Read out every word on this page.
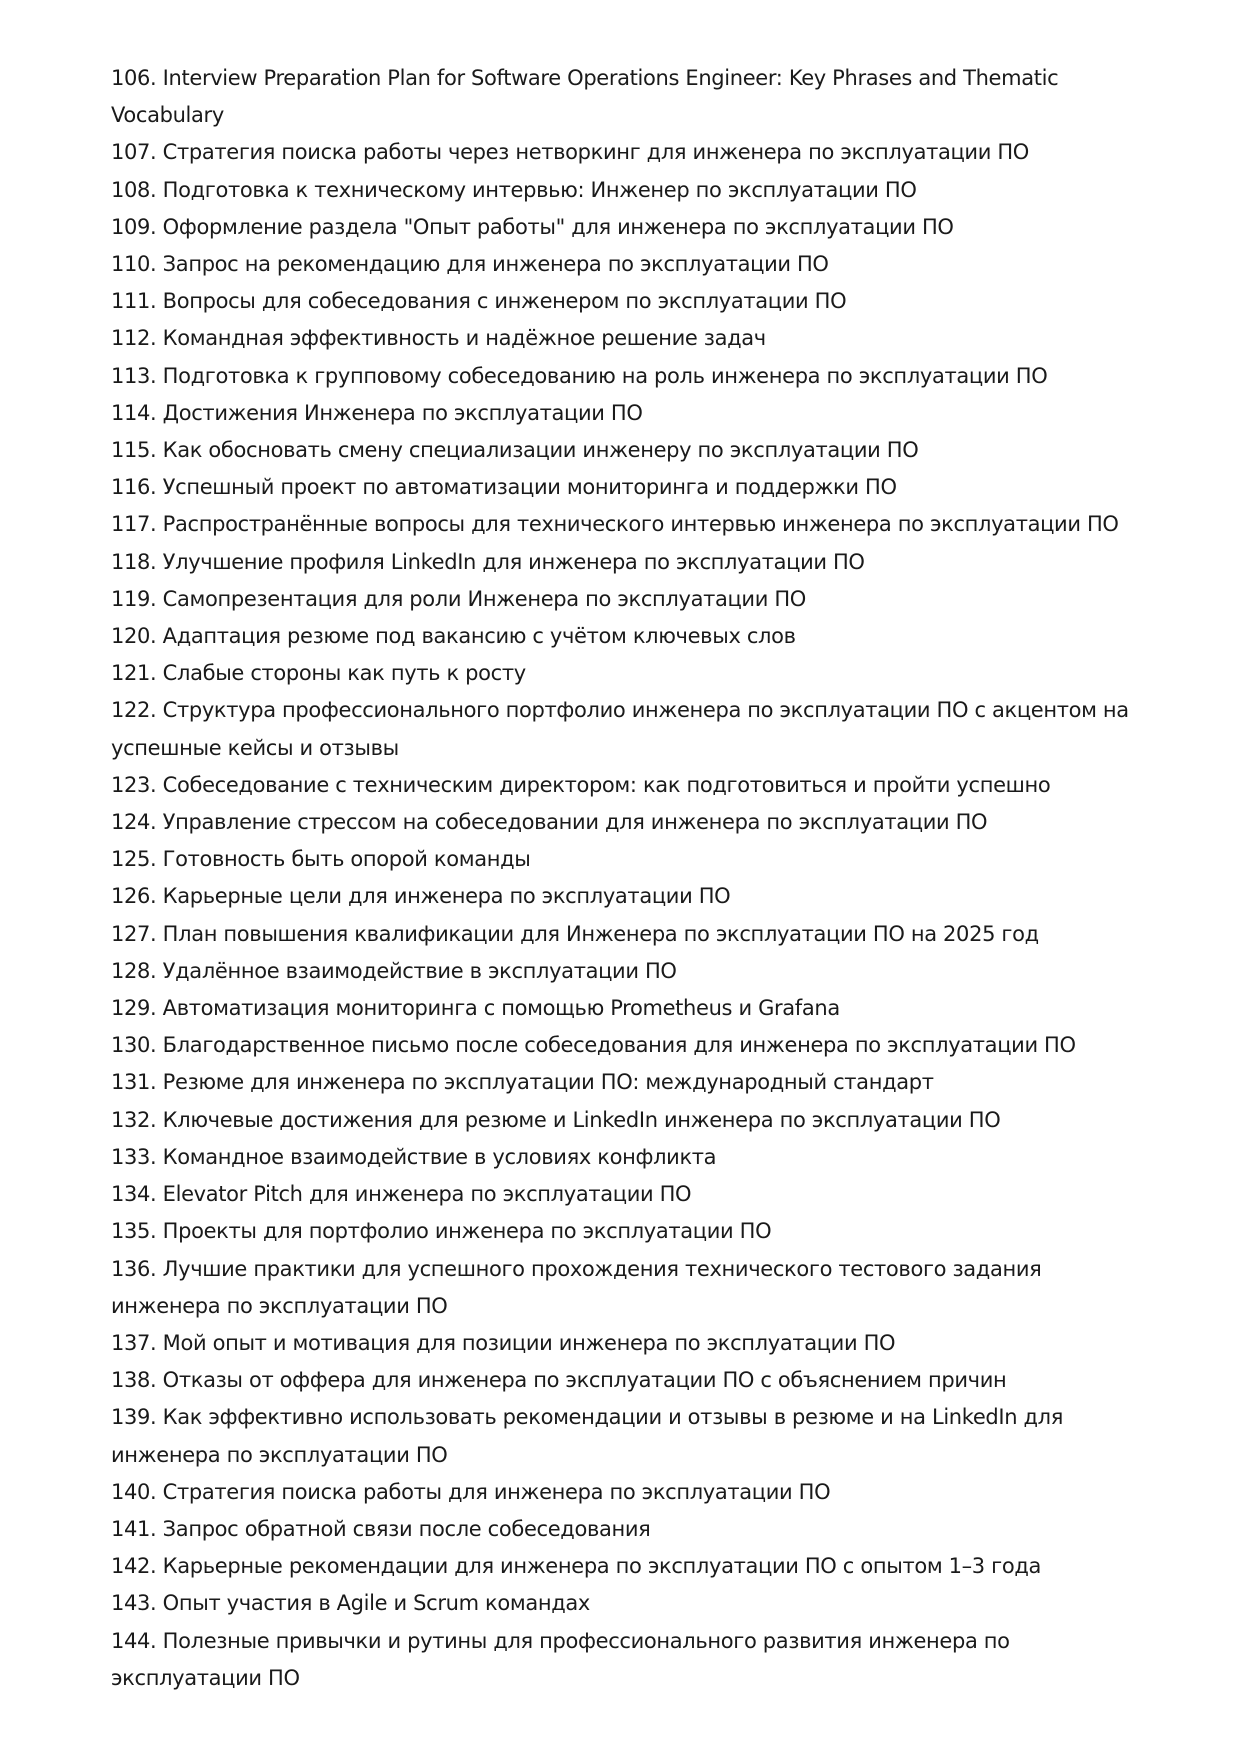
106. Interview Preparation Plan for Software Operations Engineer: Key Phrases and Thematic Vocabulary

107. Стратегия поиска работы через нетворкинг для инженера по эксплуатации ПО

108. Подготовка к техническому интервью: Инженер по эксплуатации ПО

109. Оформление раздела "Опыт работы" для инженера по эксплуатации ПО

110. Запрос на рекомендацию для инженера по эксплуатации ПО

111. Вопросы для собеседования с инженером по эксплуатации ПО

112. Командная эффективность и надёжное решение задач

113. Подготовка к групповому собеседованию на роль инженера по эксплуатации ПО

114. Достижения Инженера по эксплуатации ПО

115. Как обосновать смену специализации инженеру по эксплуатации ПО

116. Успешный проект по автоматизации мониторинга и поддержки ПО

117. Распространённые вопросы для технического интервью инженера по эксплуатации ПО

118. Улучшение профиля LinkedIn для инженера по эксплуатации ПО

119. Самопрезентация для роли Инженера по эксплуатации ПО

120. Адаптация резюме под вакансию с учётом ключевых слов

121. Слабые стороны как путь к росту

122. Структура профессионального портфолио инженера по эксплуатации ПО с акцентом на успешные кейсы и отзывы

123. Собеседование с техническим директором: как подготовиться и пройти успешно

124. Управление стрессом на собеседовании для инженера по эксплуатации ПО

125. Готовность быть опорой команды

126. Карьерные цели для инженера по эксплуатации ПО

127. План повышения квалификации для Инженера по эксплуатации ПО на 2025 год

128. Удалённое взаимодействие в эксплуатации ПО

129. Автоматизация мониторинга с помощью Prometheus и Grafana

130. Благодарственное письмо после собеседования для инженера по эксплуатации ПО

131. Резюме для инженера по эксплуатации ПО: международный стандарт

132. Ключевые достижения для резюме и LinkedIn инженера по эксплуатации ПО

133. Командное взаимодействие в условиях конфликта

134. Elevator Pitch для инженера по эксплуатации ПО

135. Проекты для портфолио инженера по эксплуатации ПО

136. Лучшие практики для успешного прохождения технического тестового задания инженера по эксплуатации ПО

137. Мой опыт и мотивация для позиции инженера по эксплуатации ПО

138. Отказы от оффера для инженера по эксплуатации ПО с объяснением причин

139. Как эффективно использовать рекомендации и отзывы в резюме и на LinkedIn для инженера по эксплуатации ПО

140. Стратегия поиска работы для инженера по эксплуатации ПО

141. Запрос обратной связи после собеседования

142. Карьерные рекомендации для инженера по эксплуатации ПО с опытом 1–3 года

143. Опыт участия в Agile и Scrum командах

144. Полезные привычки и рутины для профессионального развития инженера по эксплуатации ПО
